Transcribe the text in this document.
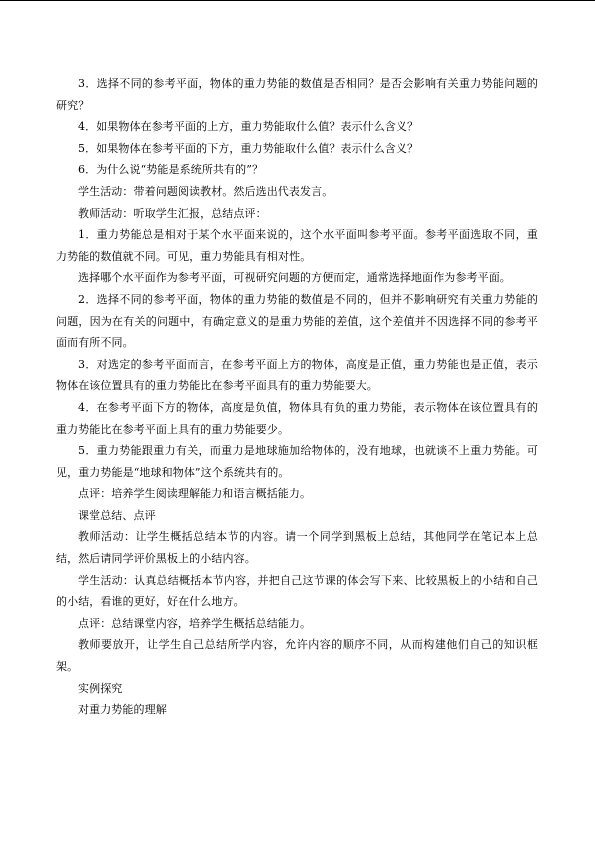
3．选择不同的参考平面，物体的重力势能的数值是否相同？是否会影响有关重力势能问题的研究？

4．如果物体在参考平面的上方，重力势能取什么值？表示什么含义？

5．如果物体在参考平面的下方，重力势能取什么值？表示什么含义？

6．为什么说“势能是系统所共有的”？

学生活动：带着问题阅读教材。然后选出代表发言。

教师活动：听取学生汇报，总结点评：

1．重力势能总是相对于某个水平面来说的，这个水平面叫参考平面。参考平面选取不同，重力势能的数值就不同。可见，重力势能具有相对性。

选择哪个水平面作为参考平面，可视研究问题的方便而定，通常选择地面作为参考平面。

2．选择不同的参考平面，物体的重力势能的数值是不同的，但并不影响研究有关重力势能的问题，因为在有关的问题中，有确定意义的是重力势能的差值，这个差值并不因选择不同的参考平面而有所不同。

3．对选定的参考平面而言，在参考平面上方的物体，高度是正值，重力势能也是正值，表示物体在该位置具有的重力势能比在参考平面具有的重力势能要大。

4．在参考平面下方的物体，高度是负值，物体具有负的重力势能，表示物体在该位置具有的重力势能比在参考平面上具有的重力势能要少。

5．重力势能跟重力有关，而重力是地球施加给物体的，没有地球，也就谈不上重力势能。可见，重力势能是“地球和物体”这个系统共有的。

点评：培养学生阅读理解能力和语言概括能力。

课堂总结、点评

教师活动：让学生概括总结本节的内容。请一个同学到黑板上总结，其他同学在笔记本上总结，然后请同学评价黑板上的小结内容。

学生活动：认真总结概括本节内容，并把自己这节课的体会写下来、比较黑板上的小结和自己的小结，看谁的更好，好在什么地方。

点评：总结课堂内容，培养学生概括总结能力。

教师要放开，让学生自己总结所学内容，允许内容的顺序不同，从而构建他们自己的知识框架。

实例探究

对重力势能的理解
